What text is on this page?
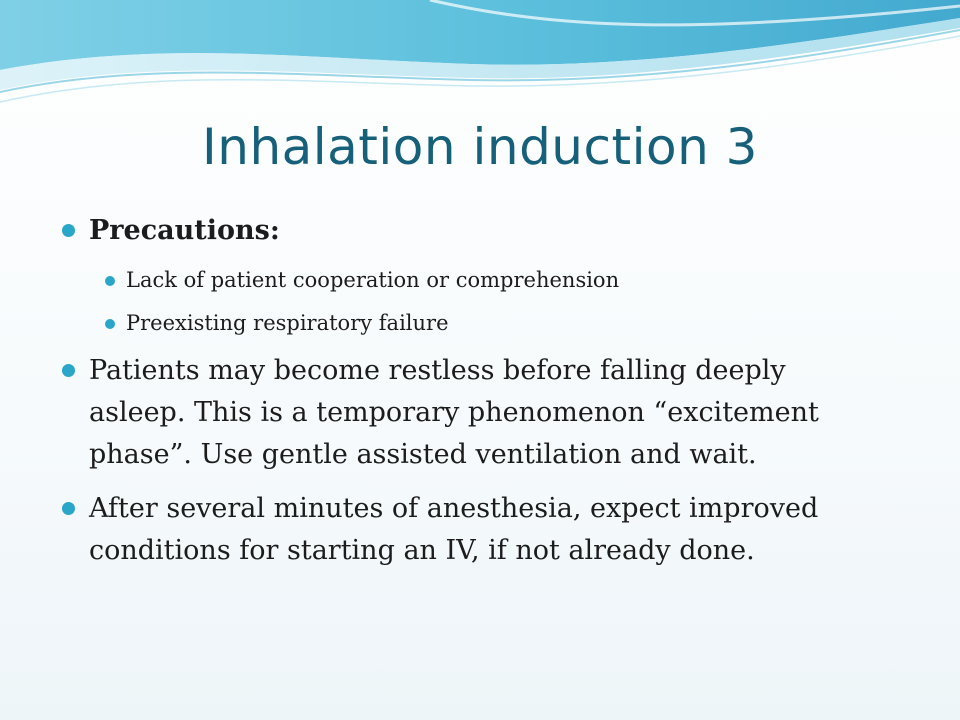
Inhalation induction 3
Precautions:
Lack of patient cooperation or comprehension
Preexisting respiratory failure
Patients may become restless before falling deeply asleep. This is a temporary phenomenon “excitement phase”. Use gentle assisted ventilation and wait.
After several minutes of anesthesia, expect improved conditions for starting an IV, if not already done.
